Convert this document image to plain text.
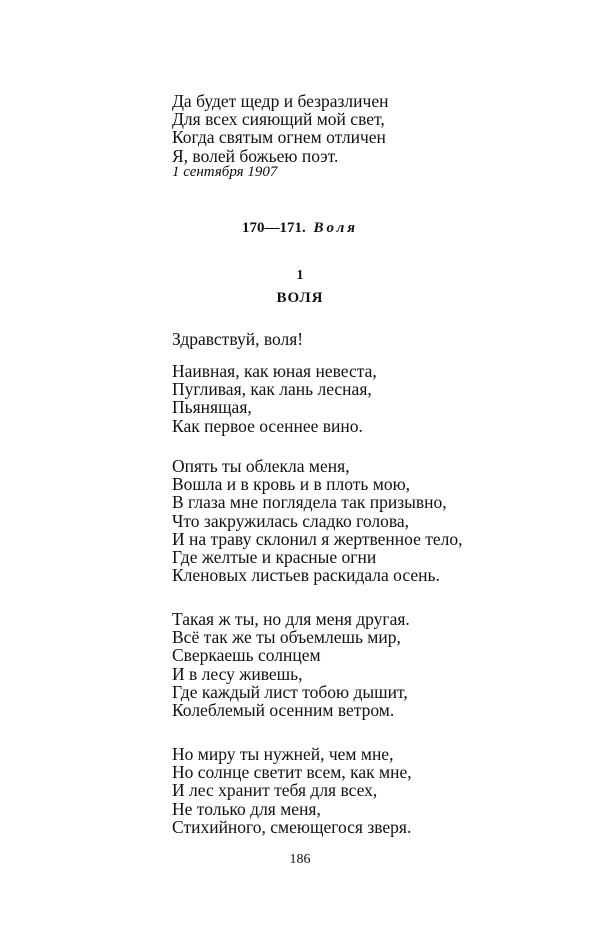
Да будет щедр и безразличен
Для всех сияющий мой свет,
Когда святым огнем отличен
Я, волей божьею поэт.
1 сентября 1907
170—171. Воля
1
ВОЛЯ
Здравствуй, воля!
Наивная, как юная невеста,
Пугливая, как лань лесная,
Пьянящая,
Как первое осеннее вино.
Опять ты облекла меня,
Вошла и в кровь и в плоть мою,
В глаза мне поглядела так призывно,
Что закружилась сладко голова,
И на траву склонил я жертвенное тело,
Где желтые и красные огни
Кленовых листьев раскидала осень.
Такая ж ты, но для меня другая.
Всё так же ты объемлешь мир,
Сверкаешь солнцем
И в лесу живешь,
Где каждый лист тобою дышит,
Колеблемый осенним ветром.
Но миру ты нужней, чем мне,
Но солнце светит всем, как мне,
И лес хранит тебя для всех,
Не только для меня,
Стихийного, смеющегося зверя.
186
